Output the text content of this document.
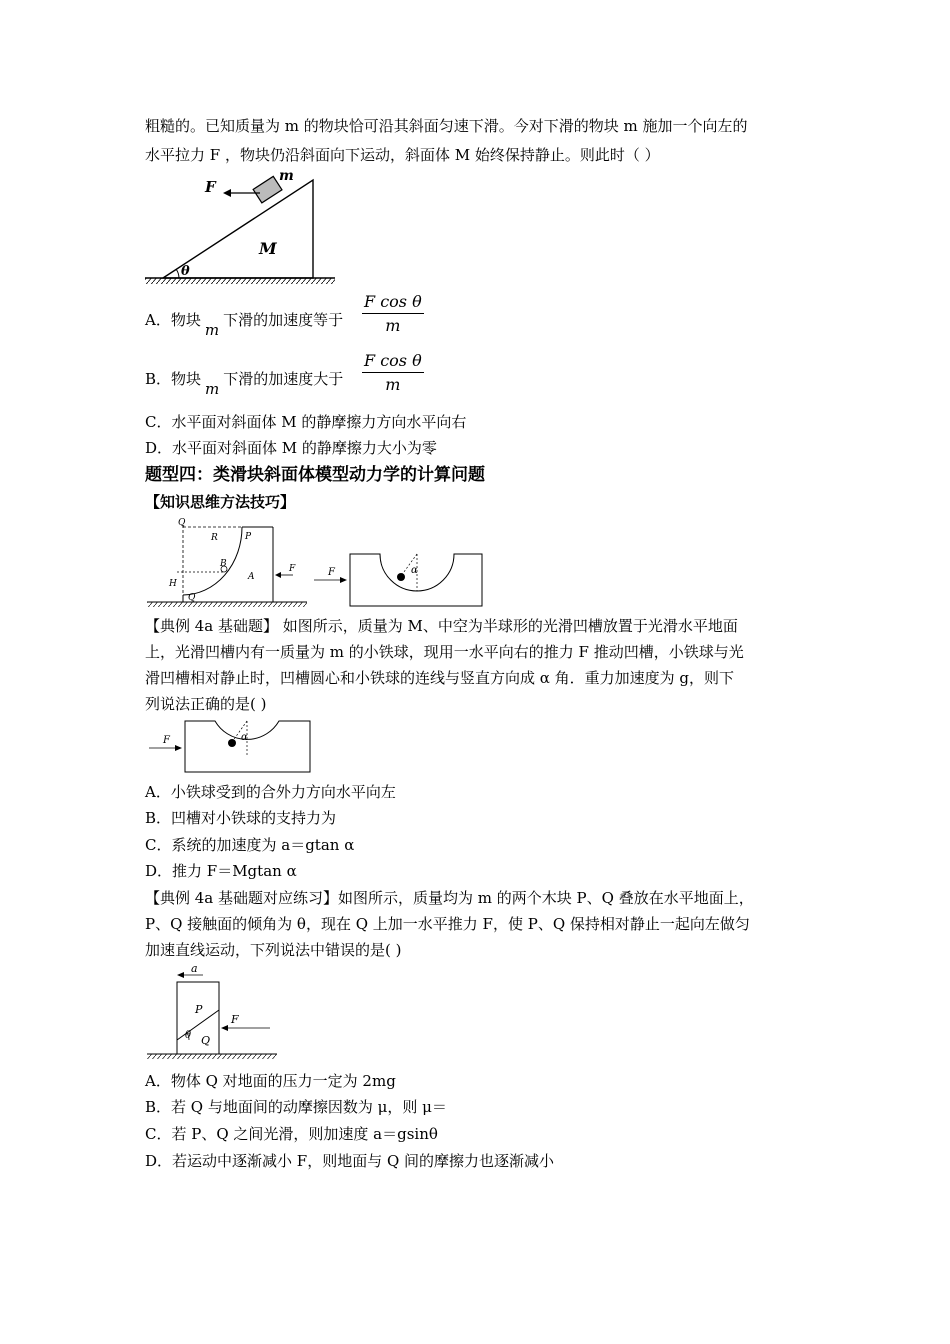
粗糙的。已知质量为 m 的物块恰可沿其斜面匀速下滑。今对下滑的物块 m 施加一个向左的
水平拉力 F ，物块仍沿斜面向下运动，斜面体 M 始终保持静止。则此时（ ）
F
m
M
θ
A．物块m下滑的加速度等于 $\frac{\text{F cos θ}}{m}$
B．物块m下滑的加速度大于 $\frac{\text{F cos θ}}{m}$
C．水平面对斜面体 M 的静摩擦力方向水平向右
D．水平面对斜面体 M 的静摩擦力大小为零
题型四：类滑块斜面体模型动力学的计算问题
【知识思维方法技巧】
Q
R	P
B
H
A
F
Q
F	α
【典例 4a 基础题】 如图所示，质量为 M、中空为半球形的光滑凹槽放置于光滑水平地面
上，光滑凹槽内有一质量为 m 的小铁球，现用一水平向右的推力 F 推动凹槽，小铁球与光
滑凹槽相对静止时，凹槽圆心和小铁球的连线与竖直方向成 α 角．重力加速度为 g，则下
列说法正确的是( )
F	α
A．小铁球受到的合外力方向水平向左
B．凹槽对小铁球的支持力为
C．系统的加速度为 a＝gtan α
D．推力 F＝Mgtan α
【典例 4a 基础题对应练习】如图所示，质量均为 m 的两个木块 P、Q 叠放在水平地面上，
P、Q 接触面的倾角为 θ，现在 Q 上加一水平推力 F，使 P、Q 保持相对静止一起向左做匀
加速直线运动，下列说法中错误的是( )
a
P
F
θ Q
A．物体 Q 对地面的压力一定为 2mg
B．若 Q 与地面间的动摩擦因数为 μ，则 μ＝
C．若 P、Q 之间光滑，则加速度 a＝gsinθ
D．若运动中逐渐减小 F，则地面与 Q 间的摩擦力也逐渐减小
